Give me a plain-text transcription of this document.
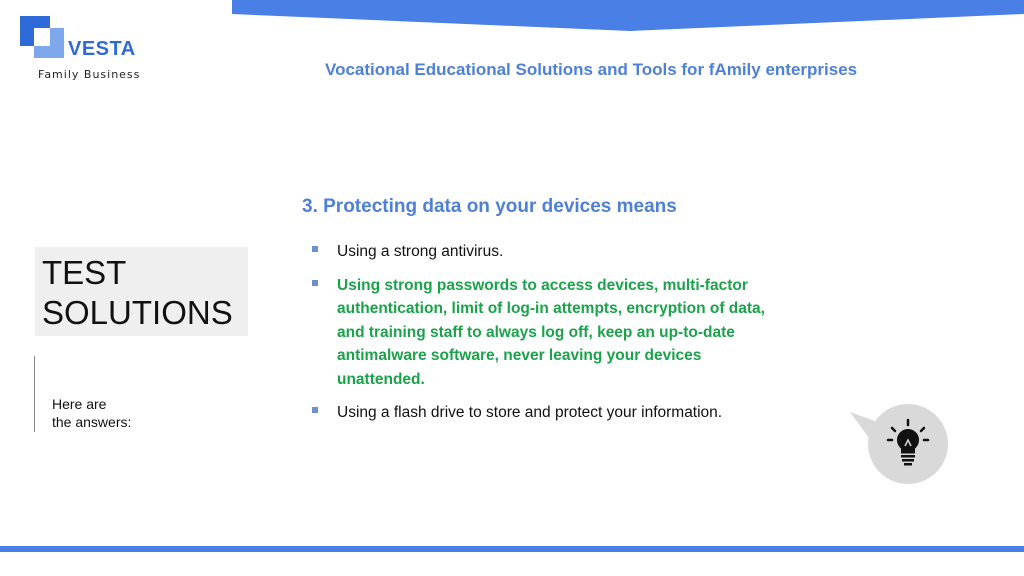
VESTA
Family Business	Vocational Educational Solutions and Tools for fAmily enterprises
3. Protecting data on your devices means
Using a strong antivirus.
Using strong passwords to access devices, multi-factor authentication, limit of log-in attempts, encryption of data, and training staff to always log off, keep an up-to-date antimalware software, never leaving your devices unattended.
Using a flash drive to store and protect your information.
TEST
SOLUTIONS
Here are
the answers:
